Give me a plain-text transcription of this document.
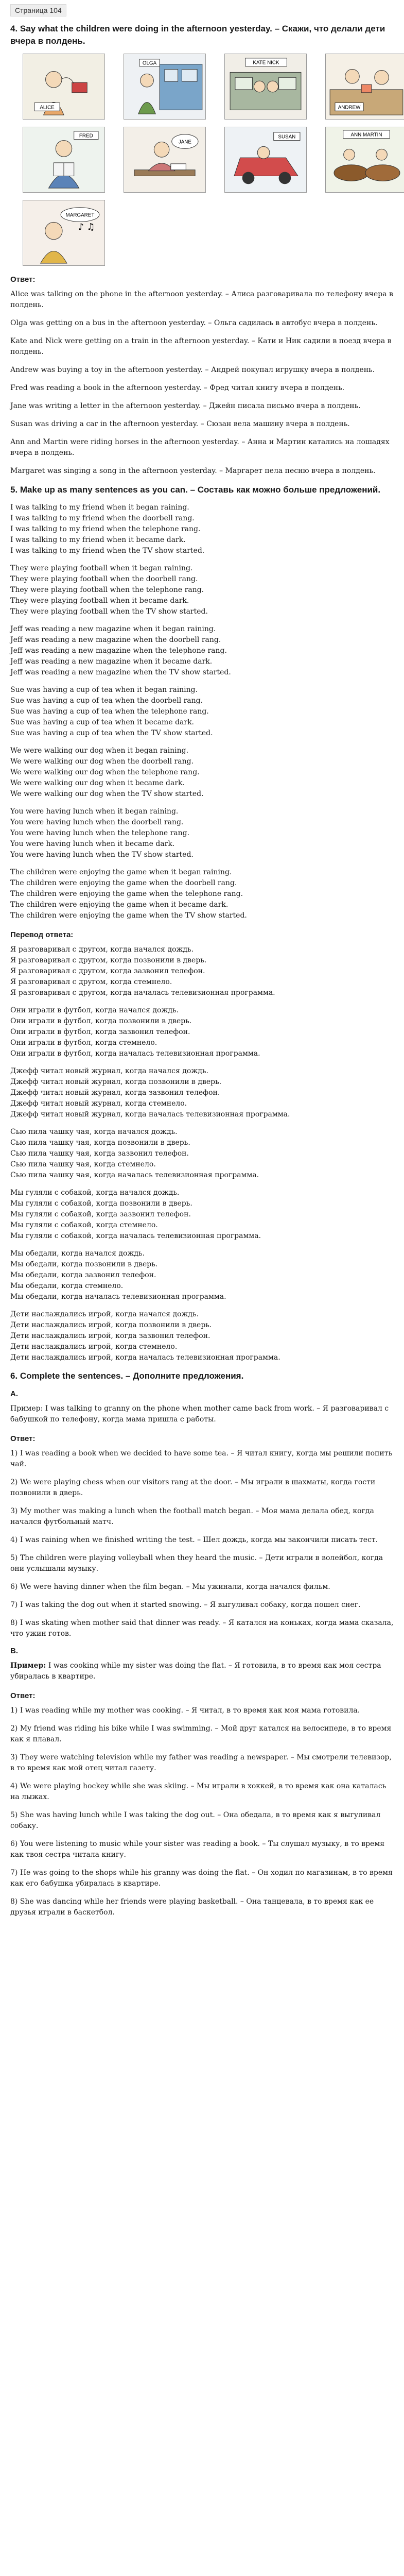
Страница 104
4. Say what the children were doing in the afternoon yesterday. – Скажи, что делали дети вчера в полдень.
ALICE
OLGA	KATE NICK
ANDREW
FRED
JANE
SUSAN	ANN MARTIN
♪ ♫
MARGARET
Ответ:

Alice was talking on the phone in the afternoon yesterday. – Алиса разговаривала по телефону вчера в полдень.

Olga was getting on a bus in the afternoon yesterday. – Ольга садилась в автобус вчера в полдень.

Kate and Nick were getting on a train in the afternoon yesterday. – Кати и Ник садили в поезд вчера в полдень.

Andrew was buying a toy in the afternoon yesterday. – Андрей покупал игрушку вчера в полдень.

Fred was reading a book in the afternoon yesterday. – Фред читал книгу вчера в полдень.

Jane was writing a letter in the afternoon yesterday. – Джейн писала письмо вчера в полдень.

Susan was driving a car in the afternoon yesterday. – Сюзан вела машину вчера в полдень.

Ann and Martin were riding horses in the afternoon yesterday. – Анна и Мартин катались на лошадях вчера в полдень.

Margaret was singing a song in the afternoon yesterday. – Маргарет пела песню вчера в полдень.

5. Make up as many sentences as you can. – Составь как можно больше предложений.
I was talking to my friend when it began raining.
I was talking to my friend when the doorbell rang.
I was talking to my friend when the telephone rang.
I was talking to my friend when it became dark.
I was talking to my friend when the TV show started.
They were playing football when it began raining.
They were playing football when the doorbell rang.
They were playing football when the telephone rang.
They were playing football when it became dark.
They were playing football when the TV show started.
Jeff was reading a new magazine when it began raining.
Jeff was reading a new magazine when the doorbell rang.
Jeff was reading a new magazine when the telephone rang.
Jeff was reading a new magazine when it became dark.
Jeff was reading a new magazine when the TV show started.
Sue was having a cup of tea when it began raining.
Sue was having a cup of tea when the doorbell rang.
Sue was having a cup of tea when the telephone rang.
Sue was having a cup of tea when it became dark.
Sue was having a cup of tea when the TV show started.
We were walking our dog when it began raining.
We were walking our dog when the doorbell rang.
We were walking our dog when the telephone rang.
We were walking our dog when it became dark.
We were walking our dog when the TV show started.
You were having lunch when it began raining.
You were having lunch when the doorbell rang.
You were having lunch when the telephone rang.
You were having lunch when it became dark.
You were having lunch when the TV show started.
The children were enjoying the game when it began raining.
The children were enjoying the game when the doorbell rang.
The children were enjoying the game when the telephone rang.
The children were enjoying the game when it became dark.
The children were enjoying the game when the TV show started.
Перевод ответа:
Я разговаривал с другом, когда начался дождь.
Я разговаривал с другом, когда позвонили в дверь.
Я разговаривал с другом, когда зазвонил телефон.
Я разговаривал с другом, когда стемнело.
Я разговаривал с другом, когда началась телевизионная программа.
Они играли в футбол, когда начался дождь.
Они играли в футбол, когда позвонили в дверь.
Они играли в футбол, когда зазвонил телефон.
Они играли в футбол, когда стемнело.
Они играли в футбол, когда началась телевизионная программа.
Джефф читал новый журнал, когда начался дождь.
Джефф читал новый журнал, когда позвонили в дверь.
Джефф читал новый журнал, когда зазвонил телефон.
Джефф читал новый журнал, когда стемнело.
Джефф читал новый журнал, когда началась телевизионная программа.
Сью пила чашку чая, когда начался дождь.
Сью пила чашку чая, когда позвонили в дверь.
Сью пила чашку чая, когда зазвонил телефон.
Сью пила чашку чая, когда стемнело.
Сью пила чашку чая, когда началась телевизионная программа.
Мы гуляли с собакой, когда начался дождь.
Мы гуляли с собакой, когда позвонили в дверь.
Мы гуляли с собакой, когда зазвонил телефон.
Мы гуляли с собакой, когда стемнело.
Мы гуляли с собакой, когда началась телевизионная программа.
Мы обедали, когда начался дождь.
Мы обедали, когда позвонили в дверь.
Мы обедали, когда зазвонил телефон.
Мы обедали, когда стемнело.
Мы обедали, когда началась телевизионная программа.
Дети наслаждались игрой, когда начался дождь.
Дети наслаждались игрой, когда позвонили в дверь.
Дети наслаждались игрой, когда зазвонил телефон.
Дети наслаждались игрой, когда стемнело.
Дети наслаждались игрой, когда началась телевизионная программа.
6. Complete the sentences. – Дополните предложения.
A.

Пример: I was talking to granny on the phone when mother came back from work. – Я разговаривал с бабушкой по телефону, когда мама пришла с работы.

Ответ:

1) I was reading a book when we decided to have some tea. – Я читал книгу, когда мы решили попить чай.

2) We were playing chess when our visitors rang at the door. – Мы играли в шахматы, когда гости позвонили в дверь.

3) My mother was making a lunch when the football match began. – Моя мама делала обед, когда начался футбольный матч.

4) I was raining when we finished writing the test. – Шел дождь, когда мы закончили писать тест.

5) The children were playing volleyball when they heard the music. – Дети играли в волейбол, когда они услышали музыку.

6) We were having dinner when the film began. – Мы ужинали, когда начался фильм.

7) I was taking the dog out when it started snowing. – Я выгуливал собаку, когда пошел снег.

8) I was skating when mother said that dinner was ready. – Я катался на коньках, когда мама сказала, что ужин готов.

B.

Пример: I was cooking while my sister was doing the flat. – Я готовила, в то время как моя сестра убиралась в квартире.

Ответ:

1) I was reading while my mother was cooking. – Я читал, в то время как моя мама готовила.

2) My friend was riding his bike while I was swimming. – Мой друг катался на велосипеде, в то время как я плавал.

3) They were watching television while my father was reading a newspaper. – Мы смотрели телевизор, в то время как мой отец читал газету.

4) We were playing hockey while she was skiing. – Мы играли в хоккей, в то время как она каталась на лыжах.

5) She was having lunch while I was taking the dog out. – Она обедала, в то время как я выгуливал собаку.

6) You were listening to music while your sister was reading a book. – Ты слушал музыку, в то время как твоя сестра читала книгу.

7) He was going to the shops while his granny was doing the flat. – Он ходил по магазинам, в то время как его бабушка убиралась в квартире.

8) She was dancing while her friends were playing basketball. – Она танцевала, в то время как ее друзья играли в баскетбол.
